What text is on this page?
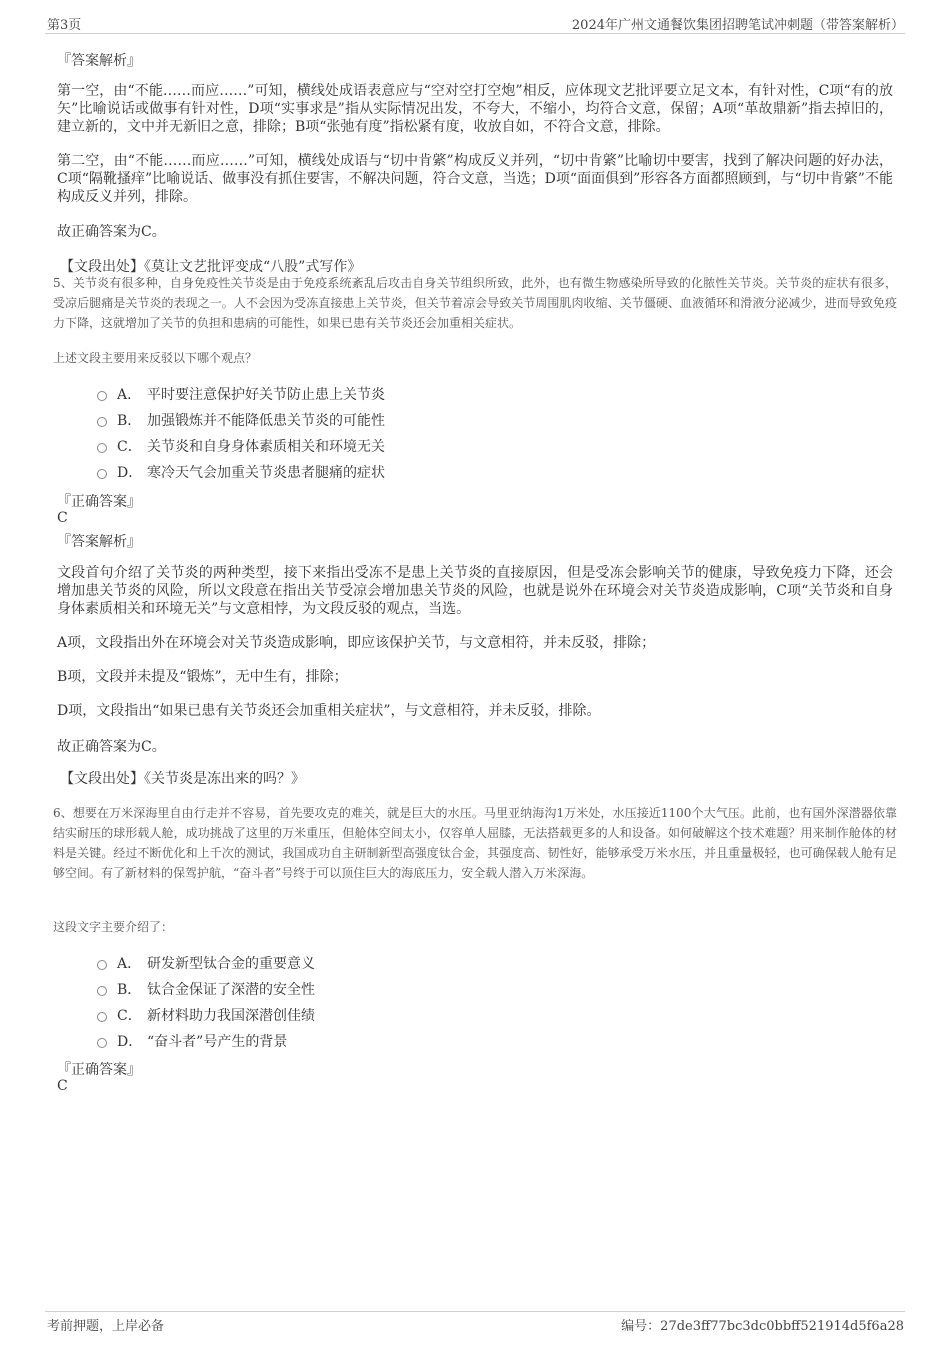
第3页	2024年广州文通餐饮集团招聘笔试冲刺题（带答案解析）
『答案解析』
第一空，由“不能……而应……”可知，横线处成语表意应与“空对空打空炮”相反，应体现文艺批评要立足文本，有针对性，C项“有的放矢”比喻说话或做事有针对性，D项“实事求是”指从实际情况出发，不夸大，不缩小，均符合文意，保留；A项“革故鼎新”指去掉旧的，建立新的，文中并无新旧之意，排除；B项“张弛有度”指松紧有度，收放自如，不符合文意，排除。
第二空，由“不能……而应……”可知，横线处成语与“切中肯綮”构成反义并列，“切中肯綮”比喻切中要害，找到了解决问题的好办法，C项“隔靴搔痒”比喻说话、做事没有抓住要害，不解决问题，符合文意，当选；D项“面面俱到”形容各方面都照顾到，与“切中肯綮”不能构成反义并列，排除。
故正确答案为C。
【文段出处】《莫让文艺批评变成“八股”式写作》
5、关节炎有很多种，自身免疫性关节炎是由于免疫系统紊乱后攻击自身关节组织所致，此外，也有微生物感染所导致的化脓性关节炎。关节炎的症状有很多，受凉后腿痛是关节炎的表现之一。人不会因为受冻直接患上关节炎，但关节着凉会导致关节周围肌肉收缩、关节僵硬、血液循环和滑液分泌减少，进而导致免疫力下降，这就增加了关节的负担和患病的可能性，如果已患有关节炎还会加重相关症状。
上述文段主要用来反驳以下哪个观点？
A． 平时要注意保护好关节防止患上关节炎
B． 加强锻炼并不能降低患关节炎的可能性
C． 关节炎和自身身体素质相关和环境无关
D． 寒冷天气会加重关节炎患者腿痛的症状
『正确答案』
C
『答案解析』
文段首句介绍了关节炎的两种类型，接下来指出受冻不是患上关节炎的直接原因，但是受冻会影响关节的健康，导致免疫力下降，还会增加患关节炎的风险，所以文段意在指出关节受凉会增加患关节炎的风险，也就是说外在环境会对关节炎造成影响，C项“关节炎和自身身体素质相关和环境无关”与文意相悖，为文段反驳的观点，当选。
A项，文段指出外在环境会对关节炎造成影响，即应该保护关节，与文意相符，并未反驳，排除；
B项，文段并未提及“锻炼”，无中生有，排除；
D项，文段指出“如果已患有关节炎还会加重相关症状”，与文意相符，并未反驳，排除。
故正确答案为C。
【文段出处】《关节炎是冻出来的吗？》
6、想要在万米深海里自由行走并不容易，首先要攻克的难关，就是巨大的水压。马里亚纳海沟1万米处，水压接近1100个大气压。此前，也有国外深潜器依靠结实耐压的球形载人舱，成功挑战了这里的万米重压，但舱体空间太小，仅容单人屈膝，无法搭载更多的人和设备。如何破解这个技术难题？用来制作舱体的材料是关键。经过不断优化和上千次的测试，我国成功自主研制新型高强度钛合金，其强度高、韧性好，能够承受万米水压，并且重量极轻，也可确保载人舱有足够空间。有了新材料的保驾护航，“奋斗者”号终于可以顶住巨大的海底压力，安全载人潜入万米深海。
这段文字主要介绍了：
A． 研发新型钛合金的重要意义
B． 钛合金保证了深潜的安全性
C． 新材料助力我国深潜创佳绩
D． “奋斗者”号产生的背景
『正确答案』
C
考前押题，上岸必备	编号：27de3ff77bc3dc0bbff521914d5f6a28
